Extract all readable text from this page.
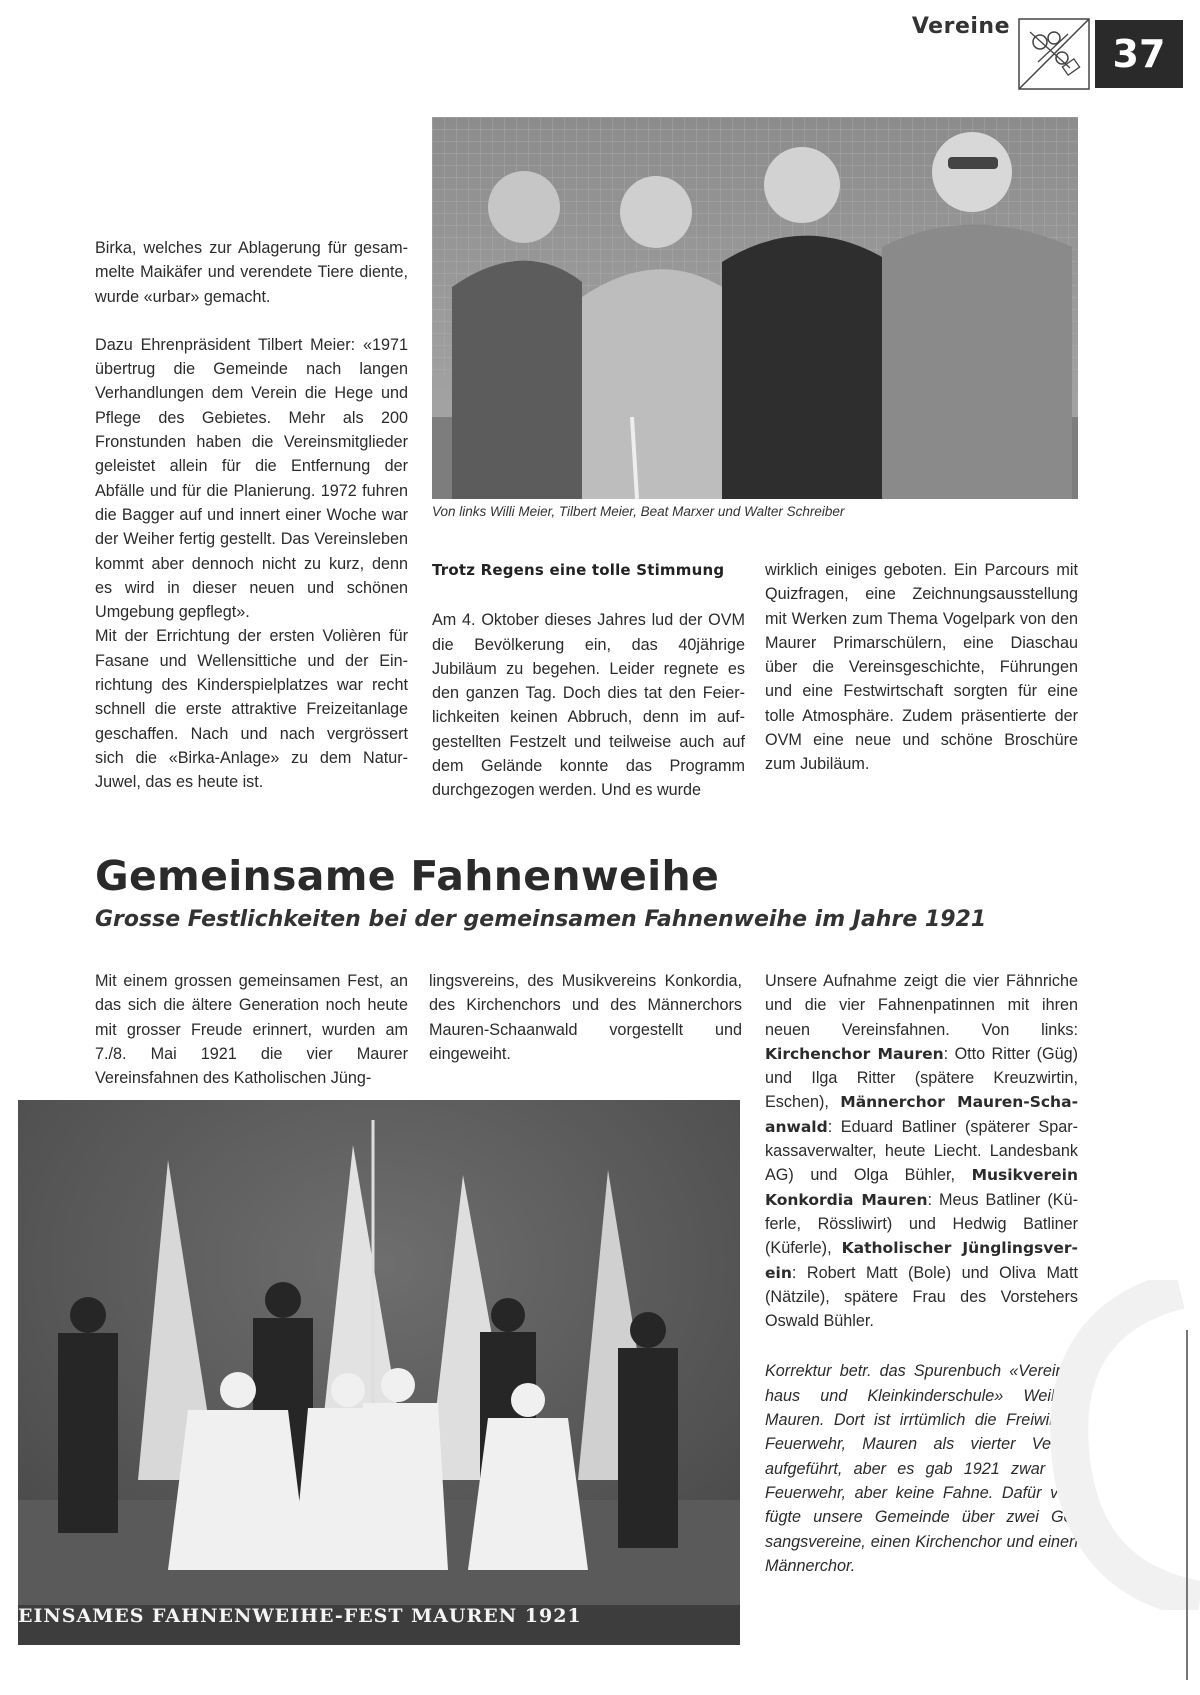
Vereine
37

Birka, welches zur Ablagerung für gesammelte Maikäfer und verendete Tiere diente, wurde «urbar» gemacht.

Dazu Ehrenpräsident Tilbert Meier: «1971 übertrug die Gemeinde nach langen Verhandlungen dem Verein die Hege und Pflege des Gebietes. Mehr als 200 Fronstunden haben die Vereinsmitglieder geleistet allein für die Entfernung der Abfälle und für die Planierung. 1972 fuhren die Bagger auf und innert einer Woche war der Weiher fertig gestellt. Das Vereinsleben kommt aber dennoch nicht zu kurz, denn es wird in dieser neuen und schönen Umgebung gepflegt».

Mit der Errichtung der ersten Volièren für Fasane und Wellensittiche und der Einrichtung des Kinderspielplatzes war recht schnell die erste attraktive Freizeitanlage geschaffen. Nach und nach vergrössert sich die «Birka-Anlage» zu dem Natur-Juwel, das es heute ist.

Von links Willi Meier, Tilbert Meier, Beat Marxer und Walter Schreiber

Trotz Regens eine tolle Stimmung

Am 4. Oktober dieses Jahres lud der OVM die Bevölkerung ein, das 40jährige Jubiläum zu begehen. Leider regnete es den ganzen Tag. Doch dies tat den Feierlichkeiten keinen Abbruch, denn im aufgestellten Festzelt und teilweise auch auf dem Gelände konnte das Programm durchgezogen werden. Und es wurde

wirklich einiges geboten. Ein Parcours mit Quizfragen, eine Zeichnungsausstellung mit Werken zum Thema Vogelpark von den Maurer Primarschülern, eine Diaschau über die Vereinsgeschichte, Führungen und eine Festwirtschaft sorgten für eine tolle Atmosphäre. Zudem präsentierte der OVM eine neue und schöne Broschüre zum Jubiläum.

Gemeinsame Fahnenweihe
Grosse Festlichkeiten bei der gemeinsamen Fahnenweihe im Jahre 1921

Mit einem grossen gemeinsamen Fest, an das sich die ältere Generation noch heute mit grosser Freude erinnert, wurden am 7./8. Mai 1921 die vier Maurer Vereinsfahnen des Katholischen Jüng-

lingsvereins, des Musikvereins Konkordia, des Kirchenchors und des Männerchors Mauren-Schaanwald vorgestellt und eingeweiht.

Unsere Aufnahme zeigt die vier Fähnriche und die vier Fahnenpatinnen mit ihren neuen Vereinsfahnen. Von links: Kirchenchor Mauren: Otto Ritter (Güg) und Ilga Ritter (spätere Kreuzwirtin, Eschen), Männerchor Mauren-Schaanwald: Eduard Batliner (späterer Sparkassaverwalter, heute Liecht. Landesbank AG) und Olga Bühler, Musikverein Konkordia Mauren: Meus Batliner (Küferle, Rössliwirt) und Hedwig Batliner (Küferle), Katholischer Jünglingsverein: Robert Matt (Bole) und Oliva Matt (Nätzile), spätere Frau des Vorstehers Oswald Bühler.

Korrektur betr. das Spurenbuch «Vereinshaus und Kleinkinderschule» Weiher, Mauren. Dort ist irrtümlich die Freiwillige Feuerwehr, Mauren als vierter Verein aufgeführt, aber es gab 1921 zwar die Feuerwehr, aber keine Fahne. Dafür verfügte unsere Gemeinde über zwei Gesangsvereine, einen Kirchenchor und einen Männerchor.

EINSAMES FAHNENWEIHE-FEST MAUREN 1921
